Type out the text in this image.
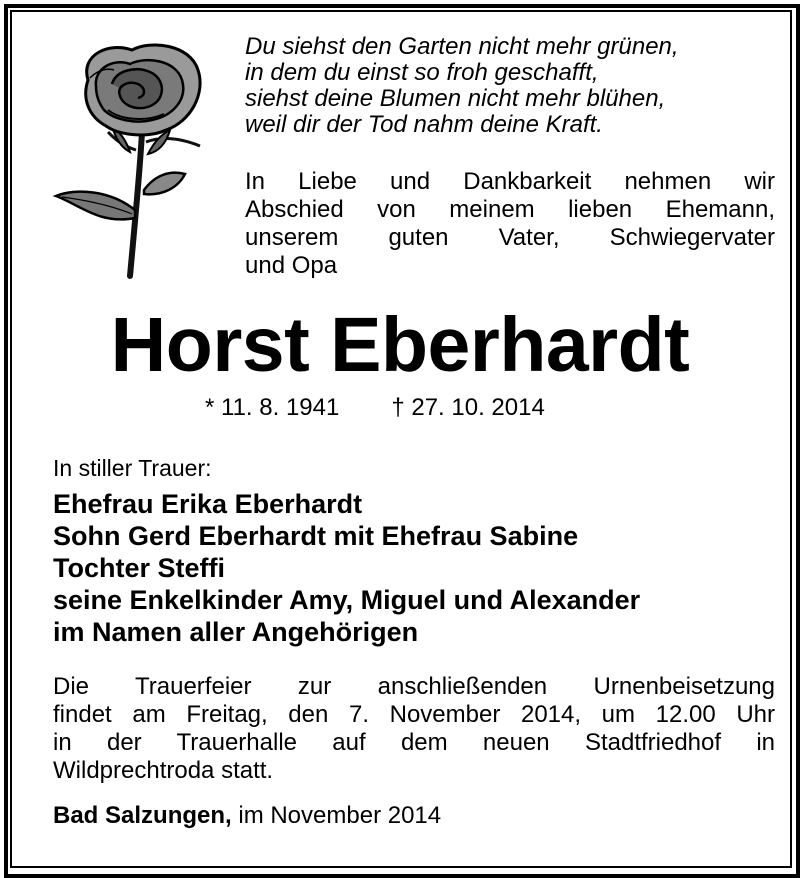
Du siehst den Garten nicht mehr grünen,
in dem du einst so froh geschafft,
siehst deine Blumen nicht mehr blühen,
weil dir der Tod nahm deine Kraft.
In Liebe und Dankbarkeit nehmen wir
Abschied von meinem lieben Ehemann,
unserem guten Vater, Schwiegervater
und Opa
Horst Eberhardt
* 11. 8. 1941 † 27. 10. 2014
In stiller Trauer:
Ehefrau Erika Eberhardt
Sohn Gerd Eberhardt mit Ehefrau Sabine
Tochter Steffi
seine Enkelkinder Amy, Miguel und Alexander
im Namen aller Angehörigen
Die Trauerfeier zur anschließenden Urnenbeisetzung
findet am Freitag, den 7. November 2014, um 12.00 Uhr
in der Trauerhalle auf dem neuen Stadtfriedhof in
Wildprechtroda statt.
Bad Salzungen, im November 2014
